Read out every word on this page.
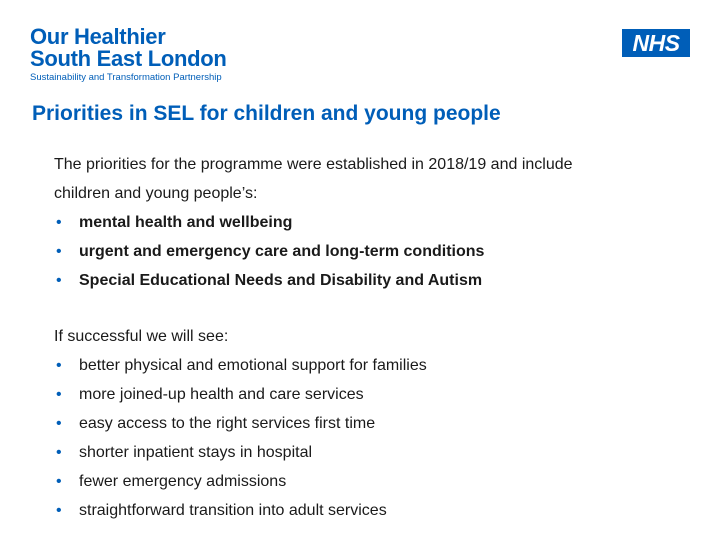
Our Healthier
South East London
Sustainability and Transformation Partnership
NHS
Priorities in SEL for children and young people

The priorities for the programme were established in 2018/19 and include
children and young people’s:

• mental health and wellbeing
• urgent and emergency care and long-term conditions
• Special Educational Needs and Disability and Autism

If successful we will see:

• better physical and emotional support for families
• more joined-up health and care services
• easy access to the right services first time
• shorter inpatient stays in hospital
• fewer emergency admissions
• straightforward transition into adult services
